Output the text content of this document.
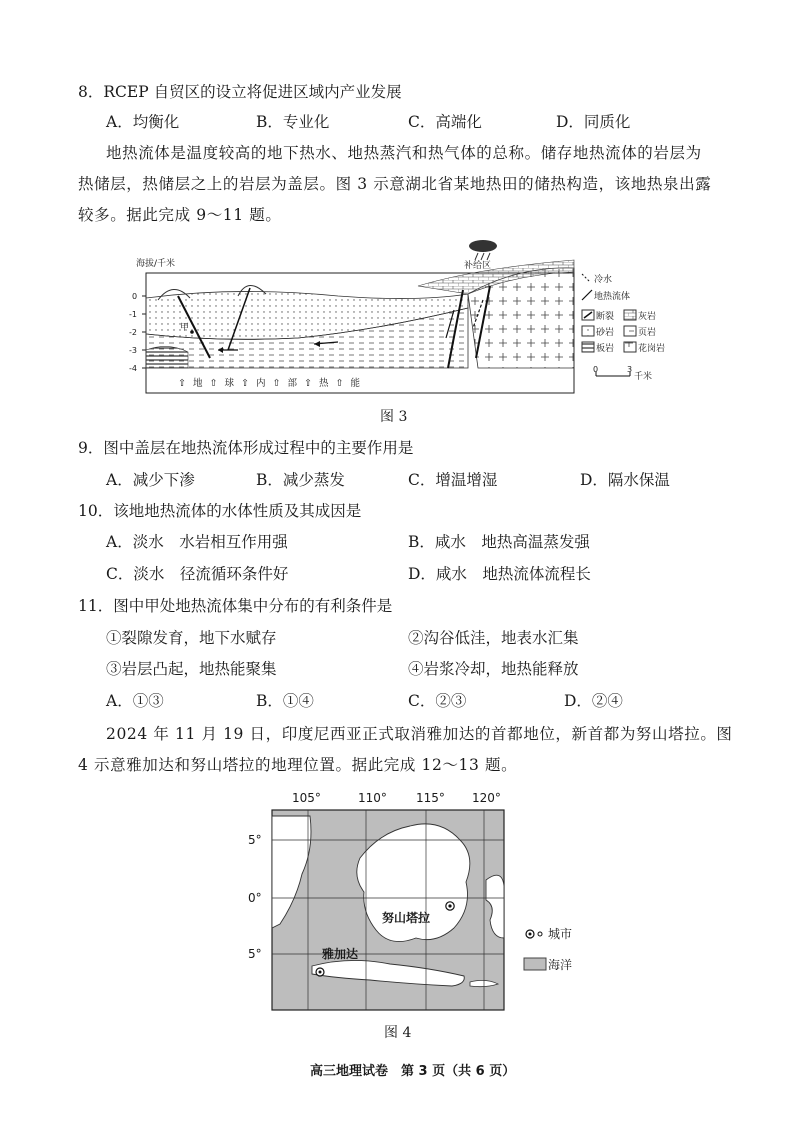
8．RCEP 自贸区的设立将促进区域内产业发展
A．均衡化	B．专业化	C．高端化	D．同质化
地热流体是温度较高的地下热水、地热蒸汽和热气体的总称。储存地热流体的岩层为
热储层，热储层之上的岩层为盖层。图 3 示意湖北省某地热田的储热构造，该地热泉出露
较多。据此完成 9～11 题。
海拔/千米
0
-1
-2
-3
-4
补给区
甲
⇧ 地 ⇧ 球 ⇧ 内 ⇧ 部 ⇧ 热 ⇧ 能
冷水
地热流体
断裂	灰岩
砂岩	页岩
板岩	花岗岩
0	3
千米
图 3
9．图中盖层在地热流体形成过程中的主要作用是
A．减少下渗	B．减少蒸发	C．增温增湿	D．隔水保温
10．该地地热流体的水体性质及其成因是
A．淡水　水岩相互作用强	B．咸水　地热高温蒸发强
C．淡水　径流循环条件好	D．咸水　地热流体流程长
11．图中甲处地热流体集中分布的有利条件是
①裂隙发育，地下水赋存	②沟谷低洼，地表水汇集
③岩层凸起，地热能聚集	④岩浆冷却，地热能释放
A．①③	B．①④	C．②③	D．②④
2024 年 11 月 19 日，印度尼西亚正式取消雅加达的首都地位，新首都为努山塔拉。图
4 示意雅加达和努山塔拉的地理位置。据此完成 12～13 题。
105°	110° 115° 120°
5°
0°
5°
努山塔拉
雅加达
城市
海洋
图 4
高三地理试卷　第 3 页（共 6 页）
